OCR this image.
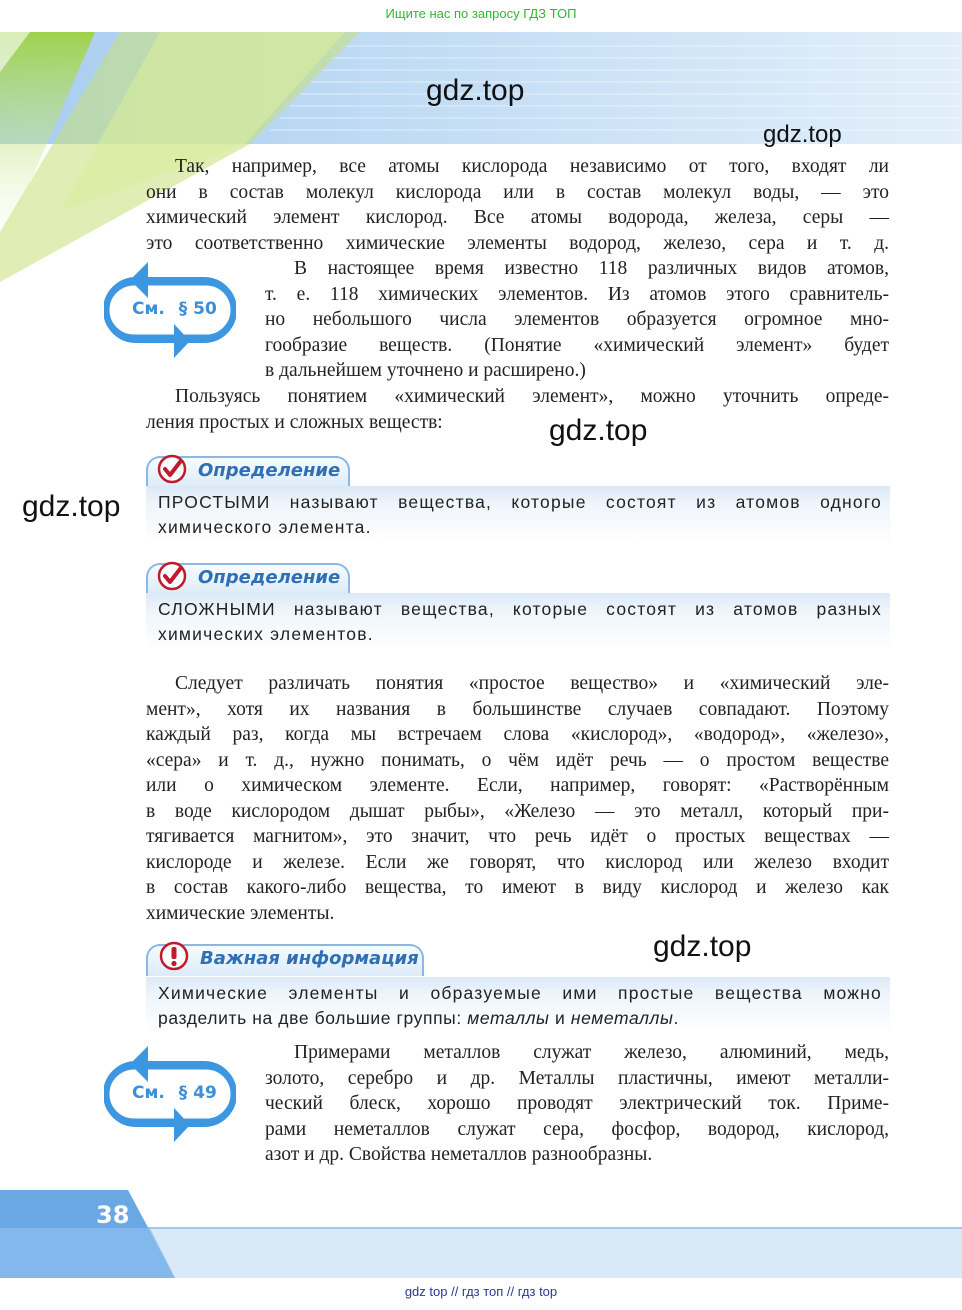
Ищите нас по запросу ГДЗ ТОП
gdz.top
gdz.top
gdz.top
gdz.top
gdz.top
Так, например, все атомы кислорода независимо от того, входят ли
они в состав молекул кислорода или в состав молекул воды, — это
химический элемент кислород. Все атомы водорода, железа, серы —
это соответственно химические элементы водород, железо, сера и т. д.
См. § 50
В настоящее время известно 118 различных видов атомов,
т. е. 118 химических элементов. Из атомов этого сравнитель-
но небольшого числа элементов образуется огромное мно-
гообразие веществ. (Понятие «химический элемент» будет
в дальнейшем уточнено и расширено.)
Пользуясь понятием «химический элемент», можно уточнить опреде-
ления простых и сложных веществ:
Определение
ПРОСТЫМИ называют вещества, которые состоят из атомов одного
химического элемента.
Определение
СЛОЖНЫМИ называют вещества, которые состоят из атомов разных
химических элементов.
Следует различать понятия «простое вещество» и «химический эле-
мент», хотя их названия в большинстве случаев совпадают. Поэтому
каждый раз, когда мы встречаем слова «кислород», «водород», «железо»,
«сера» и т. д., нужно понимать, о чём идёт речь — о простом веществе
или о химическом элементе. Если, например, говорят: «Растворённым
в воде кислородом дышат рыбы», «Железо — это металл, который при-
тягивается магнитом», это значит, что речь идёт о простых веществах —
кислороде и железе. Если же говорят, что кислород или железо входит
в состав какого-либо вещества, то имеют в виду кислород и железо как
химические элементы.
Важная информация
Химические элементы и образуемые ими простые вещества можно
разделить на две большие группы: металлы и неметаллы.
См. § 49
Примерами металлов служат железо, алюминий, медь,
золото, серебро и др. Металлы пластичны, имеют металли-
ческий блеск, хорошо проводят электрический ток. Приме-
рами неметаллов служат сера, фосфор, водород, кислород,
азот и др. Свойства неметаллов разнообразны.
38
gdz top // гдз топ // гдз top
